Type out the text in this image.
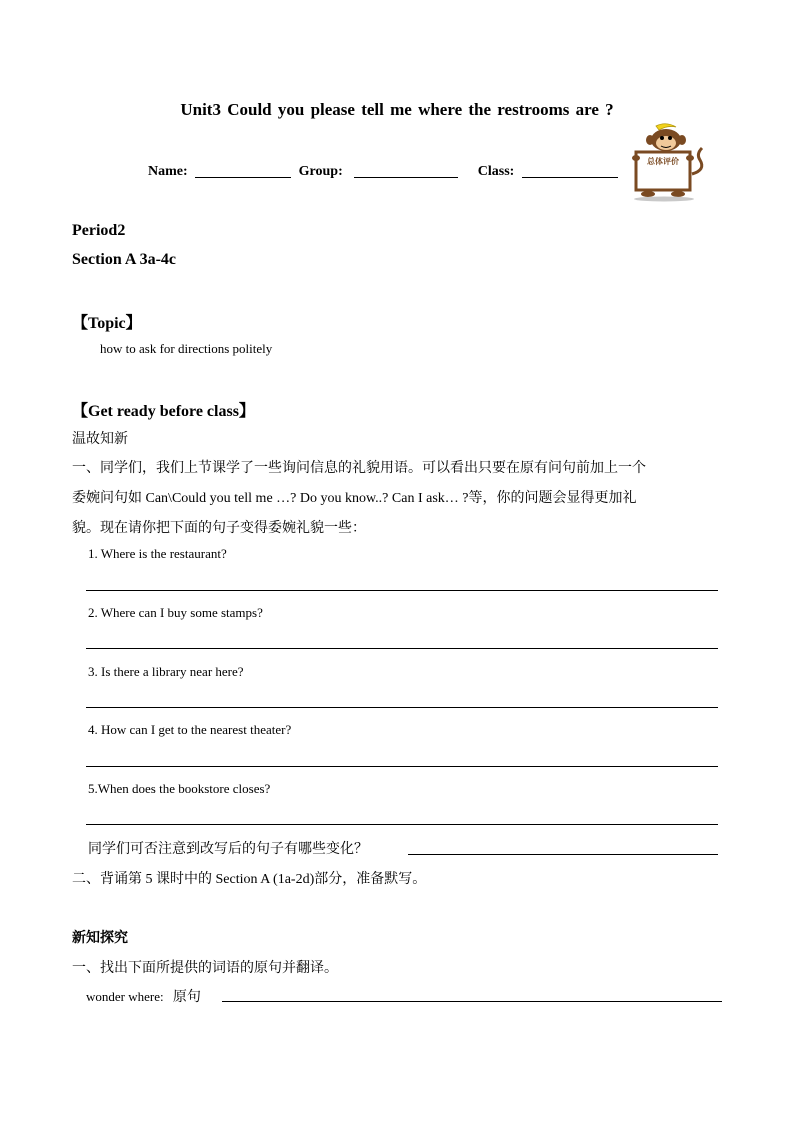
Unit3 Could you please tell me where the restrooms are ?
Name:	Group:	Class:
总体评价
Period2
Section A 3a-4c
【Topic】
how to ask for directions politely
【Get ready before class】
温故知新
一、同学们，我们上节课学了一些询问信息的礼貌用语。可以看出只要在原有问句前加上一个
委婉问句如 Can\Could you tell me …? Do you know..? Can I ask… ?等，你的问题会显得更加礼
貌。现在请你把下面的句子变得委婉礼貌一些：
1. Where is the restaurant?
2. Where can I buy some stamps?
3. Is there a library near here?
4. How can I get to the nearest theater?
5.When does the bookstore closes?
同学们可否注意到改写后的句子有哪些变化？
二、背诵第 5 课时中的 Section A (1a-2d)部分，准备默写。
新知探究
一、找出下面所提供的词语的原句并翻译。
wonder where: 原句
